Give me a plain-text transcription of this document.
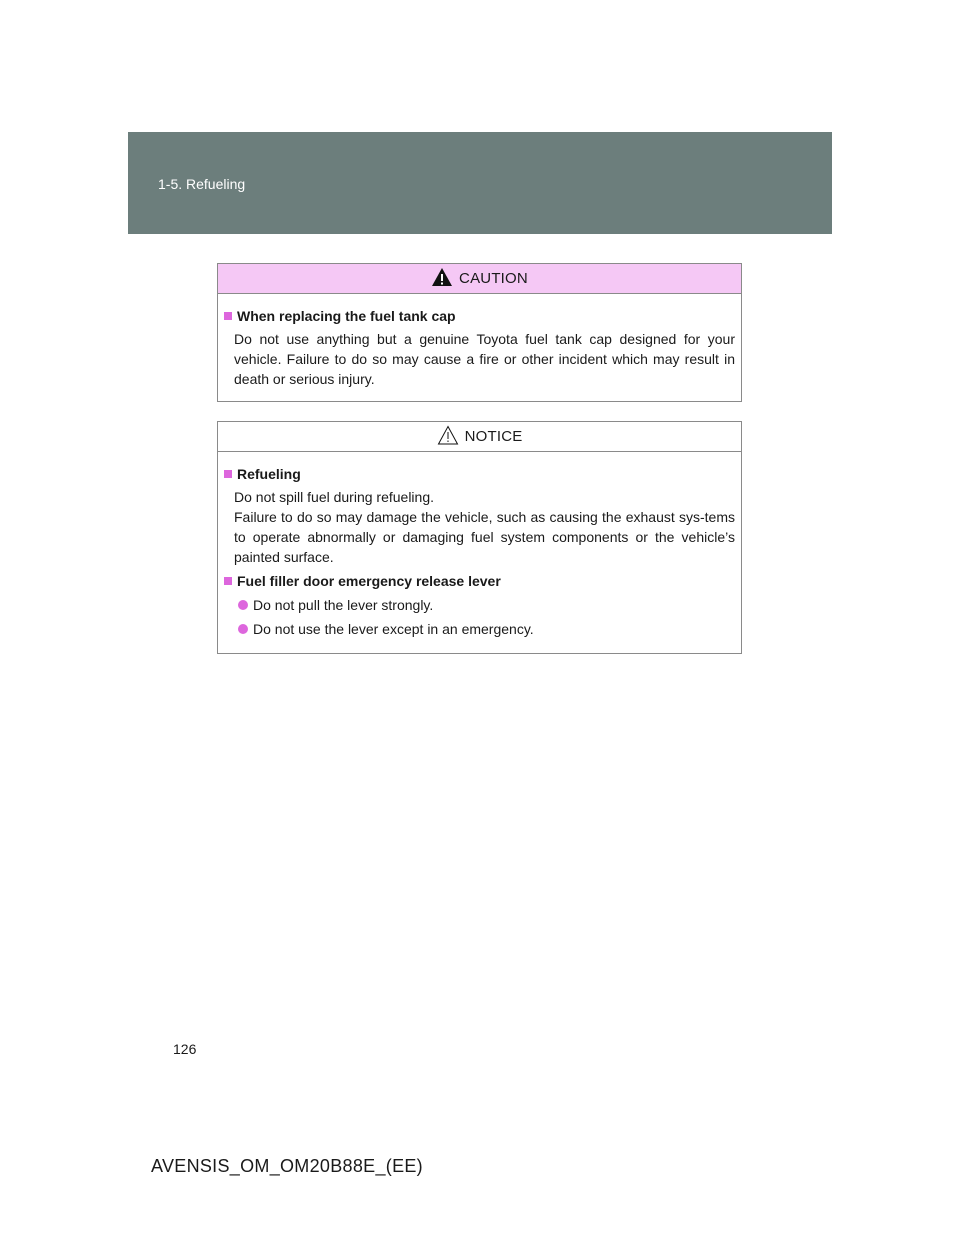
1-5. Refueling
CAUTION
When replacing the fuel tank cap
Do not use anything but a genuine Toyota fuel tank cap designed for your vehicle. Failure to do so may cause a fire or other incident which may result in death or serious injury.
NOTICE
Refueling
Do not spill fuel during refueling.
Failure to do so may damage the vehicle, such as causing the exhaust sys-tems to operate abnormally or damaging fuel system components or the vehicle’s painted surface.
Fuel filler door emergency release lever
Do not pull the lever strongly.
Do not use the lever except in an emergency.
126
AVENSIS_OM_OM20B88E_(EE)
